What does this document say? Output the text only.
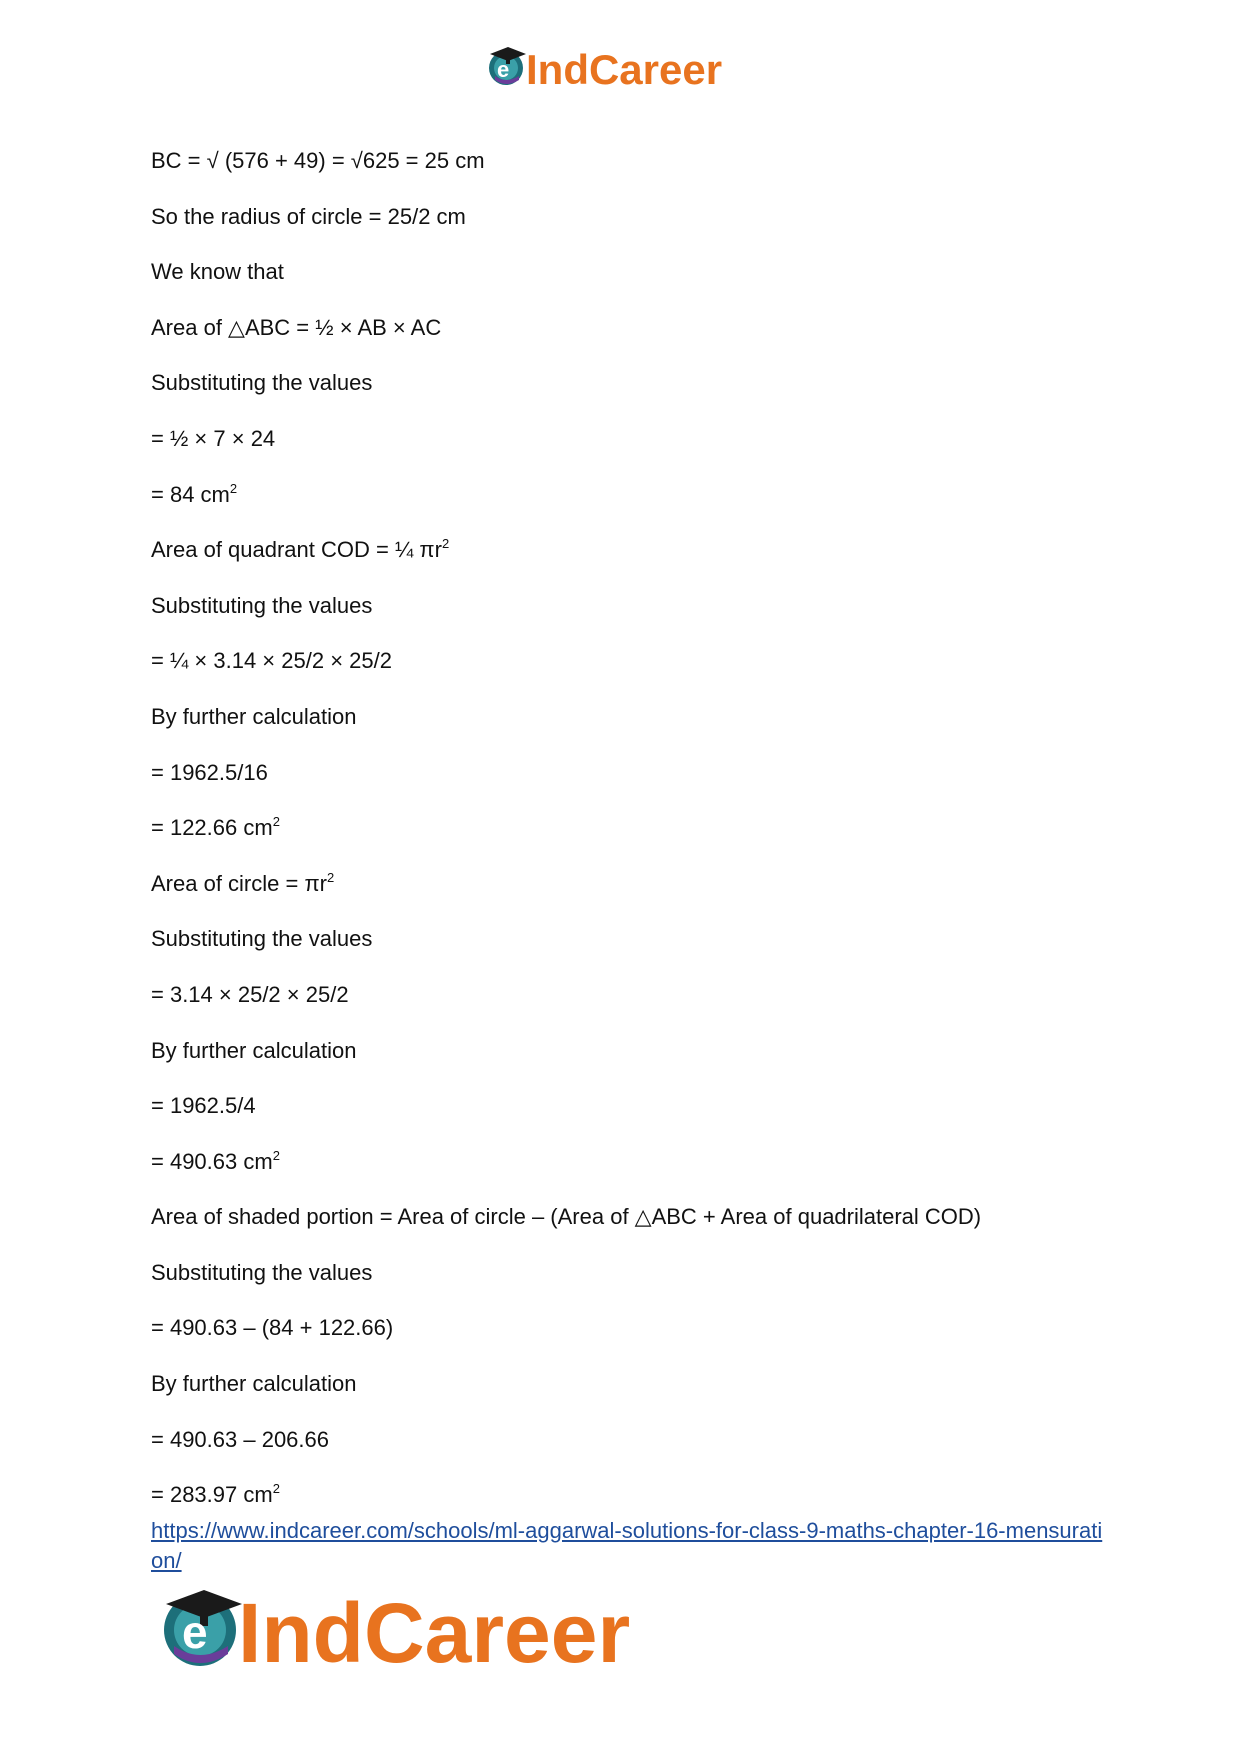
e IndCareer
BC = √ (576 + 49) = √625 = 25 cm
So the radius of circle = 25/2 cm
We know that
Area of △ABC = ½ × AB × AC
Substituting the values
= ½ × 7 × 24
= 84 $cm^2$
Area of quadrant COD = ¼ $\pi r^2$
Substituting the values
= ¼ × 3.14 × 25/2 × 25/2
By further calculation
= 1962.5/16
= 122.66 $cm^2$
Area of circle = $\pi r^2$
Substituting the values
= 3.14 × 25/2 × 25/2
By further calculation
= 1962.5/4
= 490.63 $cm^2$
Area of shaded portion = Area of circle – (Area of △ABC + Area of quadrilateral COD)
Substituting the values
= 490.63 – (84 + 122.66)
By further calculation
= 490.63 – 206.66
= 283.97 $cm^2$
https://www.indcareer.com/schools/ml-aggarwal-solutions-for-class-9-maths-chapter-16-mensuration/
e IndCareer
